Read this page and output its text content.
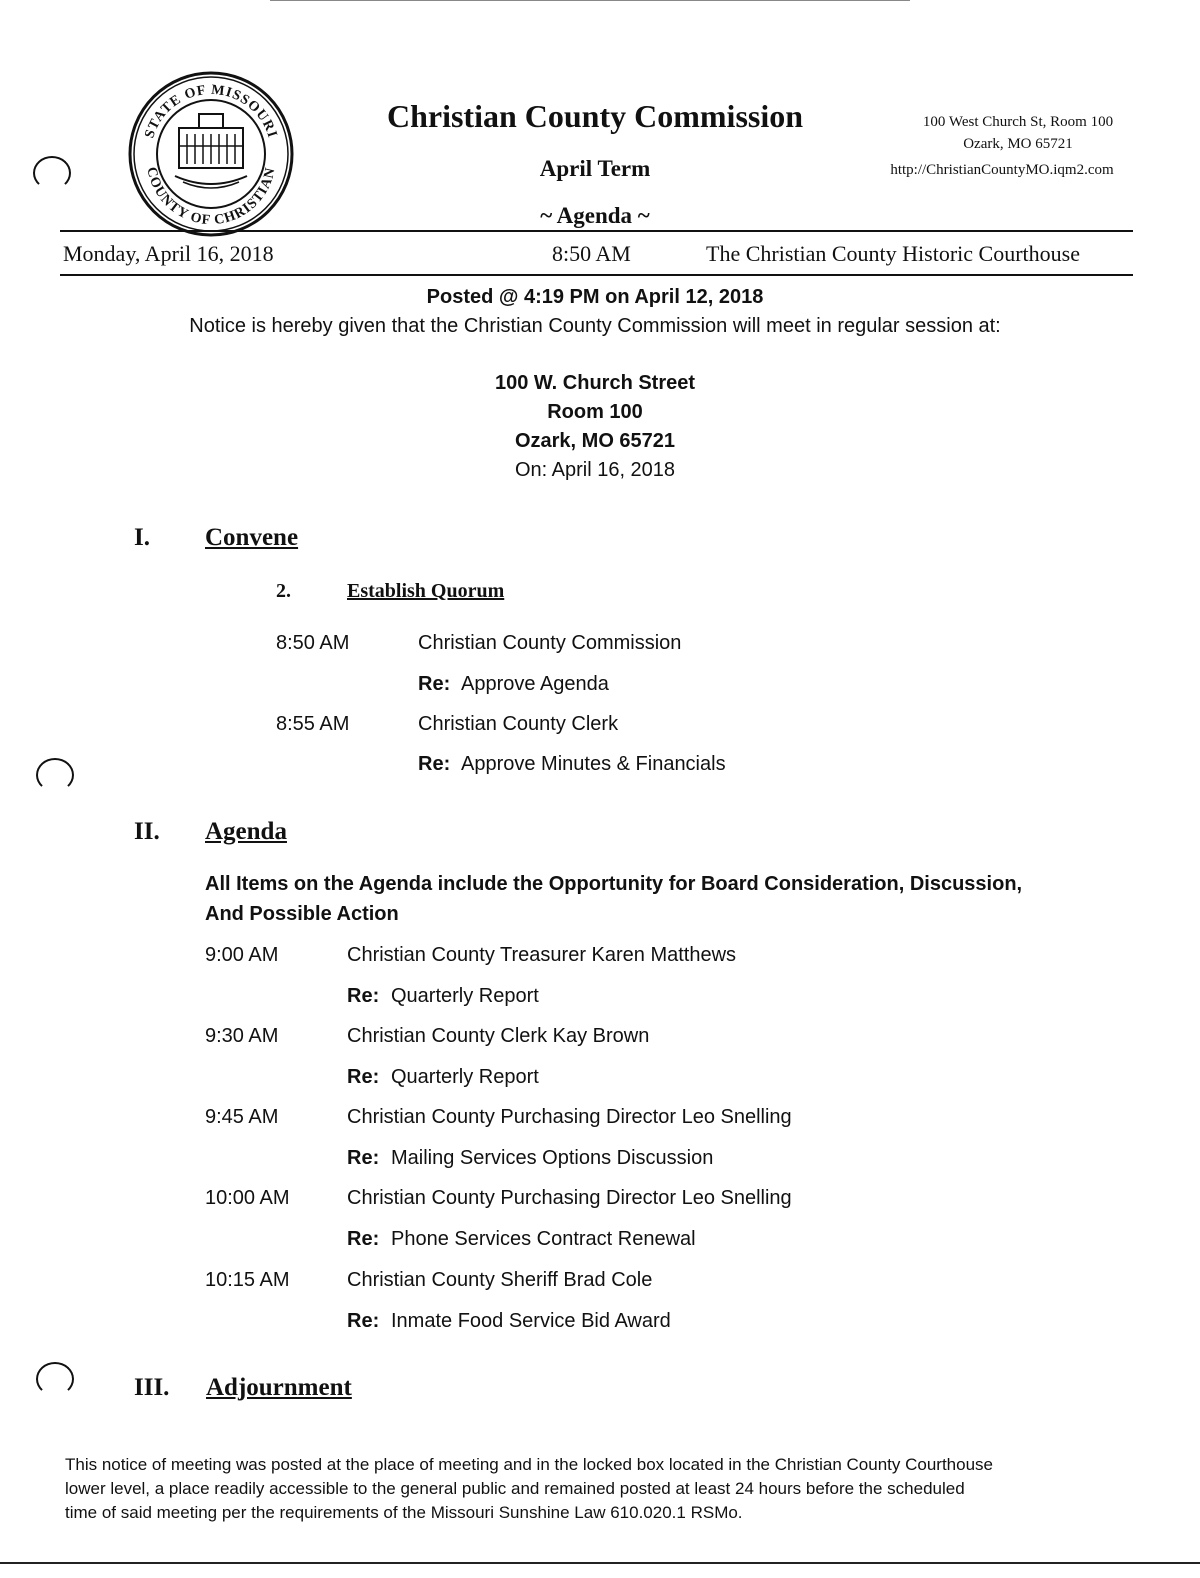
STATE OF MISSOURI
COUNTY OF CHRISTIAN
Christian County Commission
April Term
~ Agenda ~
100 West Church St, Room 100
Ozark, MO 65721
http://ChristianCountyMO.iqm2.com
Monday, April 16, 2018	8:50 AM	The Christian County Historic Courthouse
Posted @ 4:19 PM on April 12, 2018
Notice is hereby given that the Christian County Commission will meet in regular session at:
100 W. Church Street
Room 100
Ozark, MO 65721
On: April 16, 2018
I. Convene
2.	Establish Quorum
8:50 AM	Christian County Commission
Re: Approve Agenda
8:55 AM	Christian County Clerk
Re: Approve Minutes & Financials
II. Agenda
All Items on the Agenda include the Opportunity for Board Consideration, Discussion,
And Possible Action
9:00 AM	Christian County Treasurer Karen Matthews
Re: Quarterly Report
9:30 AM	Christian County Clerk Kay Brown
Re: Quarterly Report
9:45 AM	Christian County Purchasing Director Leo Snelling
Re: Mailing Services Options Discussion
10:00 AM	Christian County Purchasing Director Leo Snelling
Re: Phone Services Contract Renewal
10:15 AM	Christian County Sheriff Brad Cole
Re: Inmate Food Service Bid Award
III. Adjournment
This notice of meeting was posted at the place of meeting and in the locked box located in the Christian County Courthouse
lower level, a place readily accessible to the general public and remained posted at least 24 hours before the scheduled
time of said meeting per the requirements of the Missouri Sunshine Law 610.020.1 RSMo.
